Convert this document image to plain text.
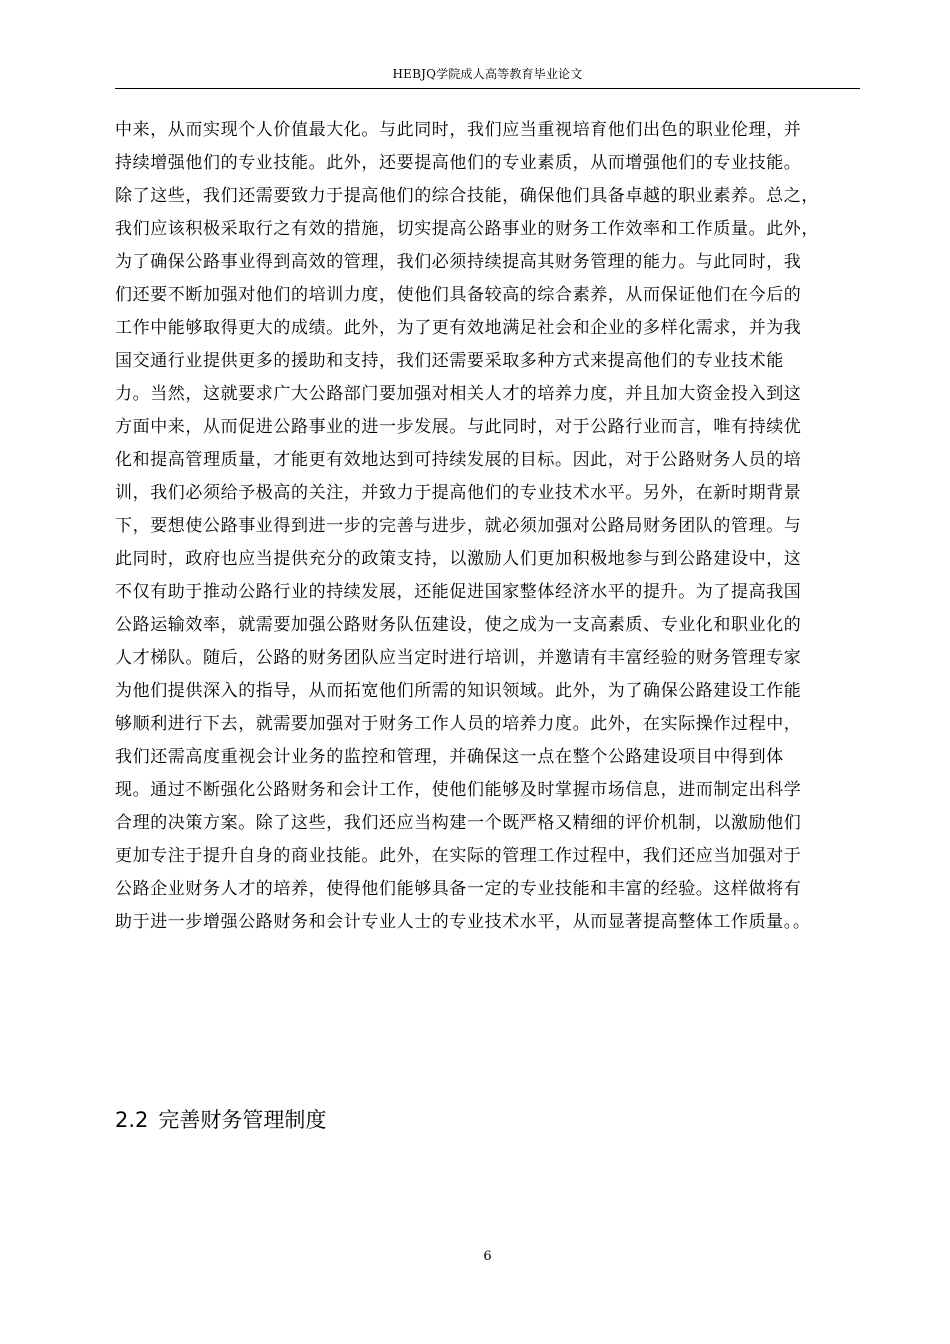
HEBJQ学院成人高等教育毕业论文
中来，从而实现个人价值最大化。与此同时，我们应当重视培育他们出色的职业伦理，并
持续增强他们的专业技能。此外，还要提高他们的专业素质，从而增强他们的专业技能。
除了这些，我们还需要致力于提高他们的综合技能，确保他们具备卓越的职业素养。总之，
我们应该积极采取行之有效的措施，切实提高公路事业的财务工作效率和工作质量。此外，
为了确保公路事业得到高效的管理，我们必须持续提高其财务管理的能力。与此同时，我
们还要不断加强对他们的培训力度，使他们具备较高的综合素养，从而保证他们在今后的
工作中能够取得更大的成绩。此外，为了更有效地满足社会和企业的多样化需求，并为我
国交通行业提供更多的援助和支持，我们还需要采取多种方式来提高他们的专业技术能
力。当然，这就要求广大公路部门要加强对相关人才的培养力度，并且加大资金投入到这
方面中来，从而促进公路事业的进一步发展。与此同时，对于公路行业而言，唯有持续优
化和提高管理质量，才能更有效地达到可持续发展的目标。因此，对于公路财务人员的培
训，我们必须给予极高的关注，并致力于提高他们的专业技术水平。另外，在新时期背景
下，要想使公路事业得到进一步的完善与进步，就必须加强对公路局财务团队的管理。与
此同时，政府也应当提供充分的政策支持，以激励人们更加积极地参与到公路建设中，这
不仅有助于推动公路行业的持续发展，还能促进国家整体经济水平的提升。为了提高我国
公路运输效率，就需要加强公路财务队伍建设，使之成为一支高素质、专业化和职业化的
人才梯队。随后，公路的财务团队应当定时进行培训，并邀请有丰富经验的财务管理专家
为他们提供深入的指导，从而拓宽他们所需的知识领域。此外，为了确保公路建设工作能
够顺利进行下去，就需要加强对于财务工作人员的培养力度。此外，在实际操作过程中，
我们还需高度重视会计业务的监控和管理，并确保这一点在整个公路建设项目中得到体
现。通过不断强化公路财务和会计工作，使他们能够及时掌握市场信息，进而制定出科学
合理的决策方案。除了这些，我们还应当构建一个既严格又精细的评价机制，以激励他们
更加专注于提升自身的商业技能。此外，在实际的管理工作过程中，我们还应当加强对于
公路企业财务人才的培养，使得他们能够具备一定的专业技能和丰富的经验。这样做将有
助于进一步增强公路财务和会计专业人士的专业技术水平，从而显著提高整体工作质量。。
2.2 完善财务管理制度
6
